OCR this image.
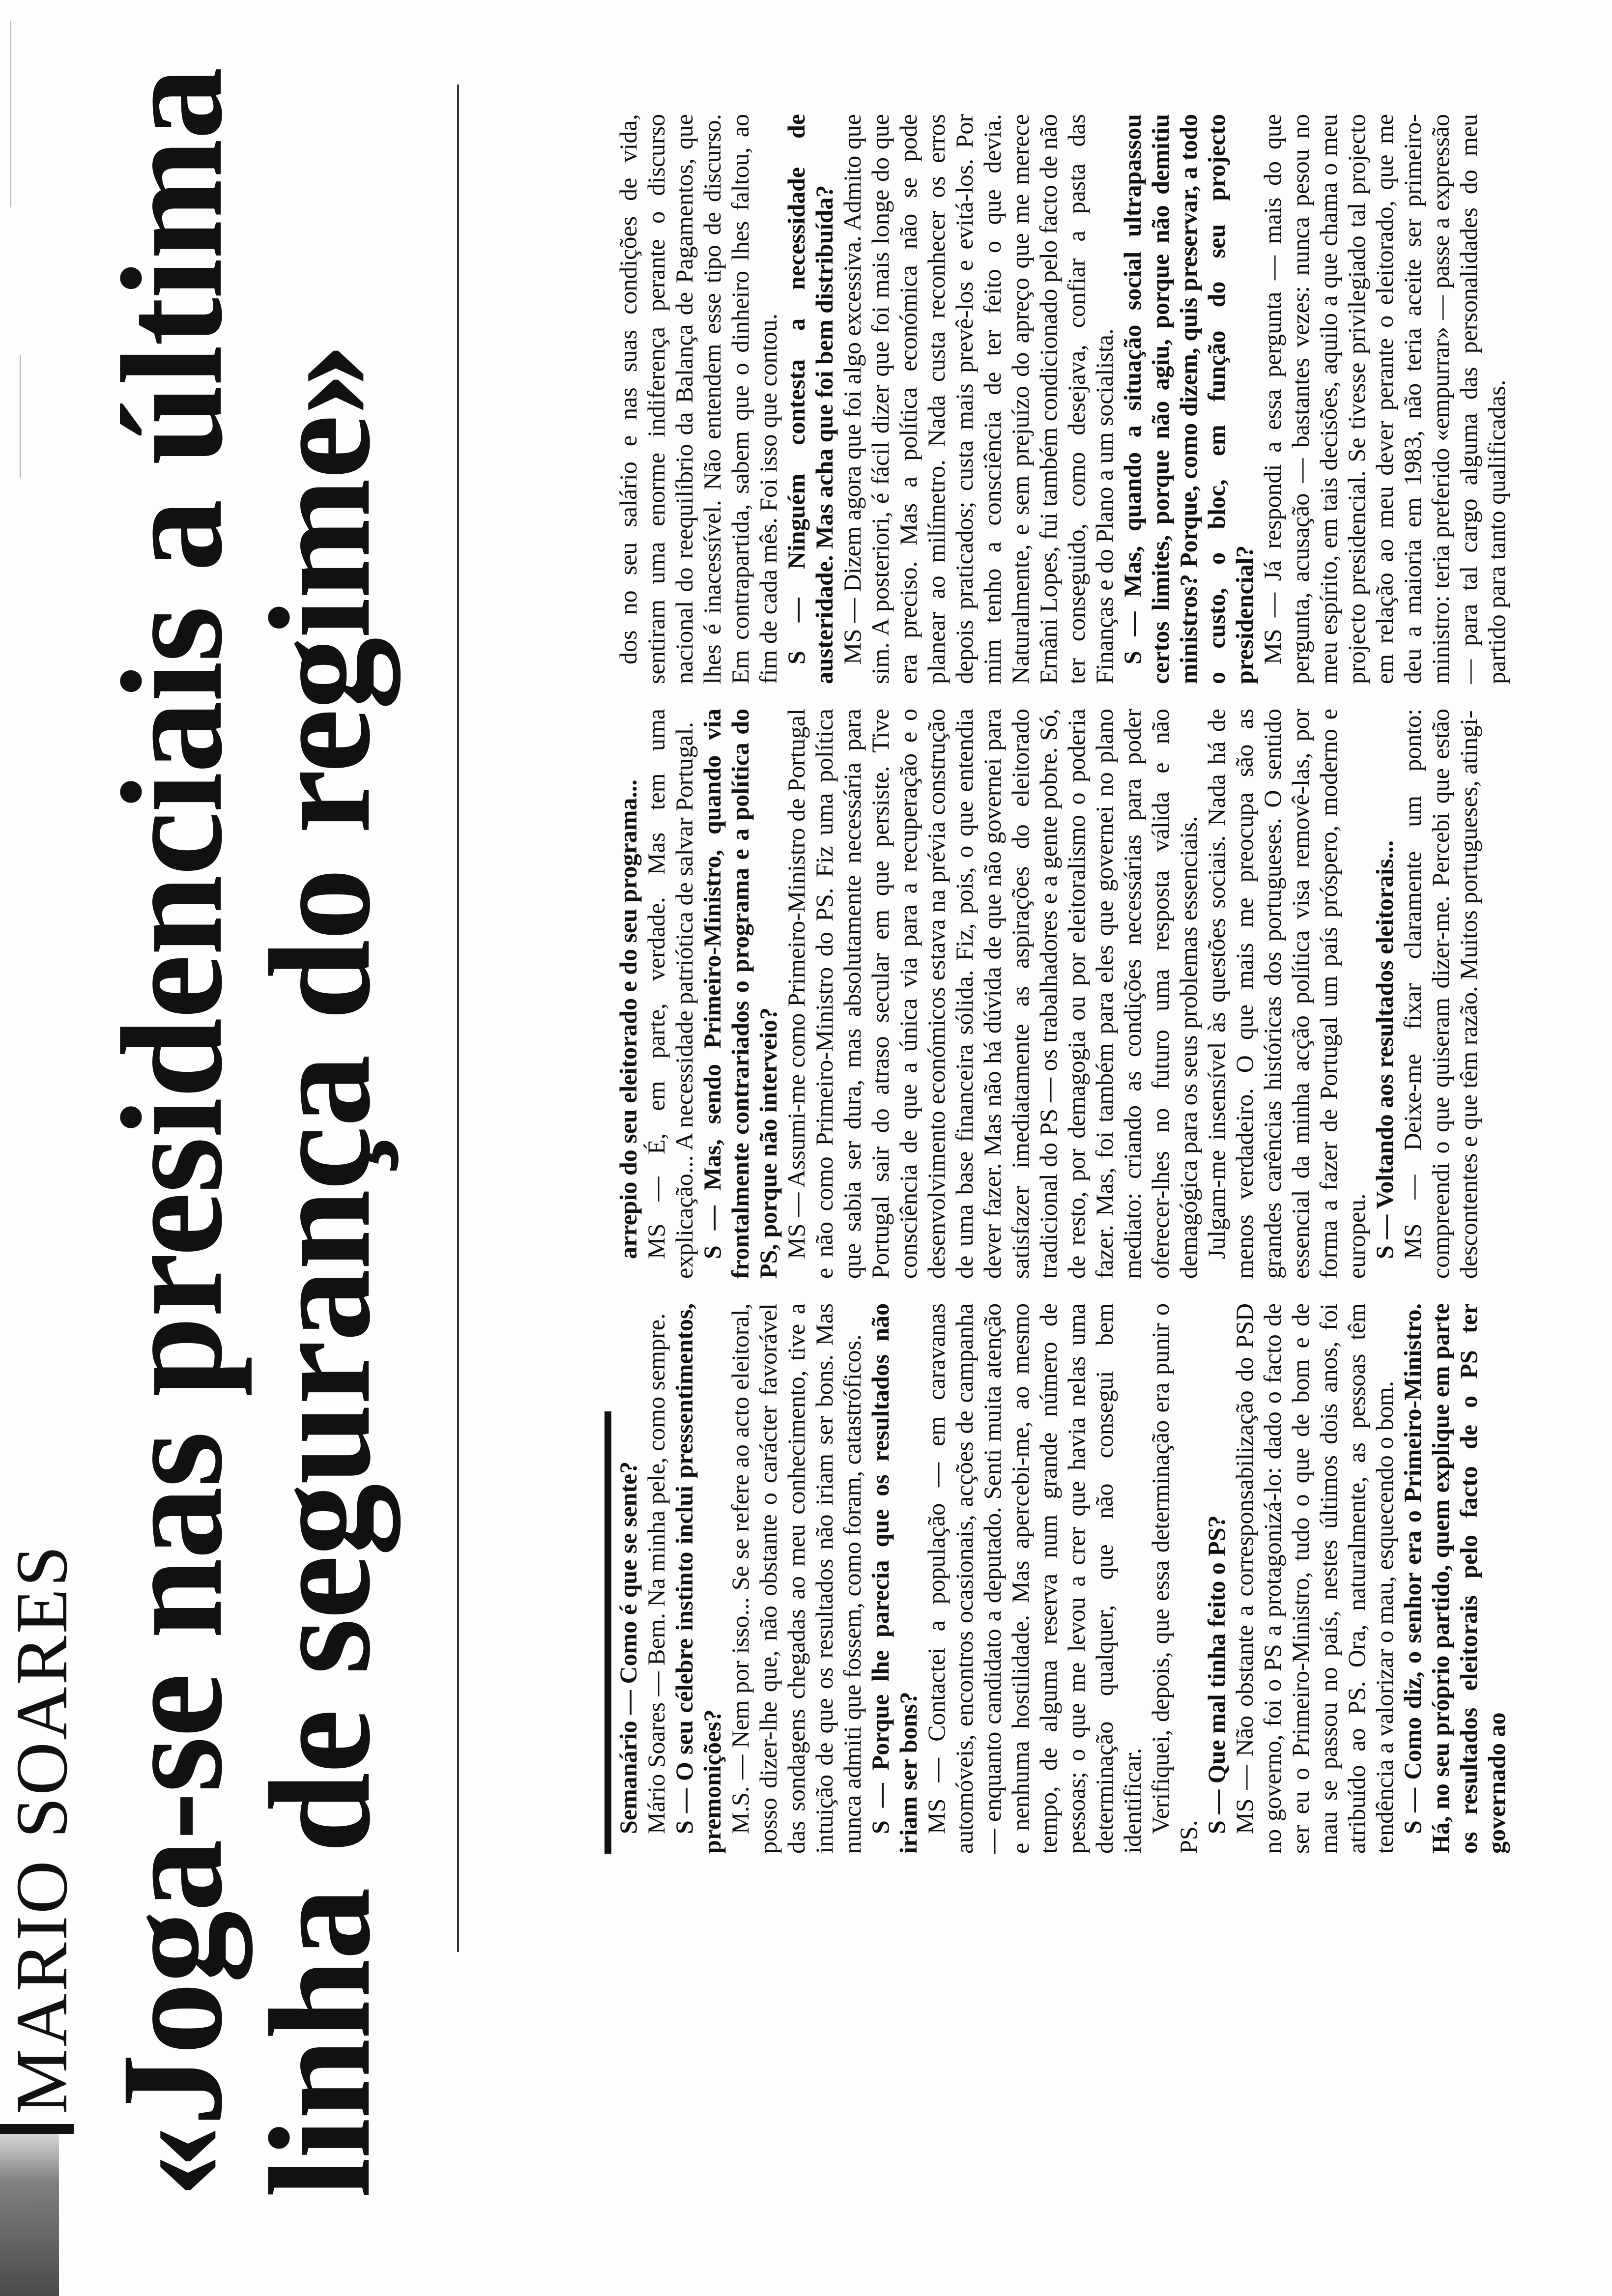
MARIO SOARES «Joga-se nas presidenciais a última
linha de segurança do regime»	Semanário — Como é que se sente? Mário Soares — Bem. Na minha pele, como sempre. S — O seu célebre instinto inclui pressentimentos, premonições? M.S. — Nem por isso... Se se refere ao acto eleitoral, posso dizer-lhe que, não obstante o carácter favorável das sondagens chegadas ao meu conhecimento, tive a intuição de que os resultados não iriam ser bons. Mas nunca admiti que fossem, como foram, catastróficos. S — Porque lhe parecia que os resultados não iriam ser bons? MS — Contactei a população — em caravanas automóveis, encontros ocasionais, acções de campanha — enquanto candidato a deputado. Senti muita atenção e nenhuma hostilidade. Mas apercebi-me, ao mesmo tempo, de alguma reserva num grande número de pessoas; o que me levou a crer que havia nelas uma determinação qualquer, que não consegui bem identificar. Verifiquei, depois, que essa determinação era punir o PS.

S — Que mal tinha feito o PS? MS — Não obstante a corresponsabilização do PSD no governo, foi o PS a protagonizá-lo: dado o facto de ser eu o Primeiro-Ministro, tudo o que de bom e de mau se passou no país, nestes últimos dois anos, foi atribuído ao PS. Ora, naturalmente, as pessoas têm tendência a valorizar o mau, esquecendo o bom. S — Como diz, o senhor era o Primeiro-Ministro. Há, no seu próprio partido, quem explique em parte os resultados eleitorais pelo facto de o PS ter governado ao

arrepio do seu eleitorado e do seu programa... MS — É, em parte, verdade. Mas tem uma explicação... A necessidade patriótica de salvar Portugal. S — Mas, sendo Primeiro-Ministro, quando via frontalmente contrariados o programa e a política do PS, porque não interveio? MS — Assumi-me como Primeiro-Ministro de Portugal e não como Primeiro-Ministro do PS. Fiz uma política que sabia ser dura, mas absolutamente necessária para Portugal sair do atraso secular em que persiste. Tive consciência de que a única via para a recuperação e o desenvolvimento económicos estava na prévia construção de uma base financeira sólida. Fiz, pois, o que entendia dever fazer. Mas não há dúvida de que não governei para satisfazer imediatamente as aspirações do eleitorado tradicional do PS — os trabalhadores e a gente pobre. Só, de resto, por demagogia ou por eleitoralismo o poderia fazer. Mas, foi também para eles que governei no plano mediato: criando as condições necessárias para poder oferecer-lhes no futuro uma resposta válida e não demagógica para os seus problemas essenciais. Julgam-me insensível às questões sociais. Nada há de menos verdadeiro. O que mais me preocupa são as grandes carências históricas dos portugueses. O sentido essencial da minha acção política visa removê-las, por forma a fazer de Portugal um país próspero, moderno e europeu. S — Voltando aos resultados eleitorais... MS — Deixe-me fixar claramente um ponto: compreendi o que quiseram dizer-me. Percebi que estão descontentes e que têm razão. Muitos portugueses, atingi-

dos no seu salário e nas suas condições de vida, sentiram uma enorme indiferença perante o discurso nacional do reequilíbrio da Balança de Pagamentos, que lhes é inacessível. Não entendem esse tipo de discurso. Em contrapartida, sabem que o dinheiro lhes faltou, ao fim de cada mês. Foi isso que contou. S — Ninguém contesta a necessidade de austeridade. Mas acha que foi bem distribuída? MS — Dizem agora que foi algo excessiva. Admito que sim. A posteriori, é fácil dizer que foi mais longe do que era preciso. Mas a política económica não se pode planear ao milímetro. Nada custa reconhecer os erros depois praticados; custa mais prevê-los e evitá-los. Por mim tenho a consciência de ter feito o que devia. Naturalmente, e sem prejuízo do apreço que me merece Ernâni Lopes, fui também condicionado pelo facto de não ter conseguido, como desejava, confiar a pasta das Finanças e do Plano a um socialista. S — Mas, quando a situação social ultrapassou certos limites, porque não agiu, porque não demitiu ministros? Porque, como dizem, quis preservar, a todo o custo, o bloc, em função do seu projecto presidencial? MS — Já respondi a essa pergunta — mais do que pergunta, acusação — bastantes vezes: nunca pesou no meu espírito, em tais decisões, aquilo a que chama o meu projecto presidencial. Se tivesse privilegiado tal projecto em relação ao meu dever perante o eleitorado, que me deu a maioria em 1983, não teria aceite ser primeiro-ministro: teria preferido «empurrar» — passe a expressão — para tal cargo alguma das personalidades do meu partido para tanto qualificadas.
